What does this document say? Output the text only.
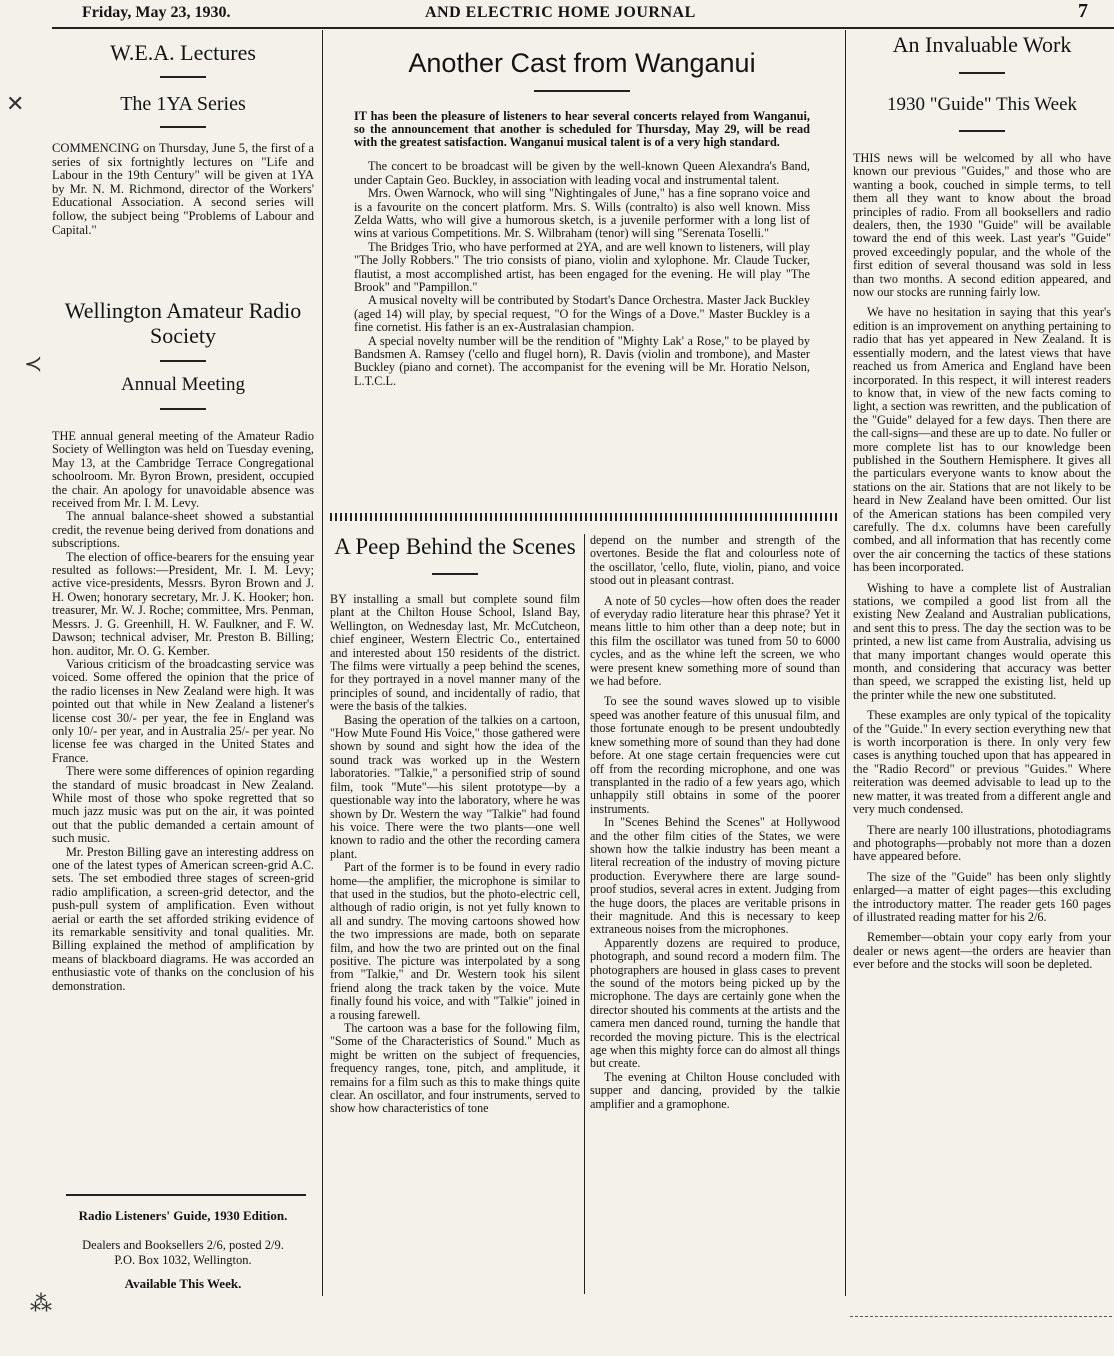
Friday, May 23, 1930.	AND ELECTRIC HOME JOURNAL	7
W.E.A. Lectures
The 1YA Series

COMMENCING on Thursday, June 5, the first of a series of six fortnightly lectures on "Life and Labour in the 19th Century" will be given at 1YA by Mr. N. M. Richmond, director of the Workers' Educational Association. A second series will follow, the subject being "Problems of Labour and Capital."

Wellington Amateur Radio Society
Annual Meeting

THE annual general meeting of the Amateur Radio Society of Wellington was held on Tuesday evening, May 13, at the Cambridge Terrace Congregational schoolroom. Mr. Byron Brown, president, occupied the chair. An apology for unavoidable absence was received from Mr. I. M. Levy.

The annual balance-sheet showed a substantial credit, the revenue being derived from donations and subscriptions.

The election of office-bearers for the ensuing year resulted as follows:—President, Mr. I. M. Levy; active vice-presidents, Messrs. Byron Brown and J. H. Owen; honorary secretary, Mr. J. K. Hooker; hon. treasurer, Mr. W. J. Roche; committee, Mrs. Penman, Messrs. J. G. Greenhill, H. W. Faulkner, and F. W. Dawson; technical adviser, Mr. Preston B. Billing; hon. auditor, Mr. O. G. Kember.

Various criticism of the broadcasting service was voiced. Some offered the opinion that the price of the radio licenses in New Zealand were high. It was pointed out that while in New Zealand a listener's license cost 30/- per year, the fee in England was only 10/- per year, and in Australia 25/- per year. No license fee was charged in the United States and France.

There were some differences of opinion regarding the standard of music broadcast in New Zealand. While most of those who spoke regretted that so much jazz music was put on the air, it was pointed out that the public demanded a certain amount of such music.

Mr. Preston Billing gave an interesting address on one of the latest types of American screen-grid A.C. sets. The set embodied three stages of screen-grid radio amplification, a screen-grid detector, and the push-pull system of amplification. Even without aerial or earth the set afforded striking evidence of its remarkable sensitivity and tonal qualities. Mr. Billing explained the method of amplification by means of blackboard diagrams. He was accorded an enthusiastic vote of thanks on the conclusion of his demonstration.

Radio Listeners' Guide, 1930 Edition.
Dealers and Booksellers 2/6, posted 2/9.
P.O. Box 1032, Wellington.
Available This Week.
Another Cast from Wanganui

IT has been the pleasure of listeners to hear several concerts relayed from Wanganui, so the announcement that another is scheduled for Thursday, May 29, will be read with the greatest satisfaction. Wanganui musical talent is of a very high standard.

The concert to be broadcast will be given by the well-known Queen Alexandra's Band, under Captain Geo. Buckley, in association with leading vocal and instrumental talent.

Mrs. Owen Warnock, who will sing "Nightingales of June," has a fine soprano voice and is a favourite on the concert platform. Mrs. S. Wills (contralto) is also well known. Miss Zelda Watts, who will give a humorous sketch, is a juvenile performer with a long list of wins at various Competitions. Mr. S. Wilbraham (tenor) will sing "Serenata Toselli."

The Bridges Trio, who have performed at 2YA, and are well known to listeners, will play "The Jolly Robbers." The trio consists of piano, violin and xylophone. Mr. Claude Tucker, flautist, a most accomplished artist, has been engaged for the evening. He will play "The Brook" and "Pampillon."

A musical novelty will be contributed by Stodart's Dance Orchestra. Master Jack Buckley (aged 14) will play, by special request, "O for the Wings of a Dove." Master Buckley is a fine cornetist. His father is an ex-Australasian champion.

A special novelty number will be the rendition of "Mighty Lak' a Rose," to be played by Bandsmen A. Ramsey ('cello and flugel horn), R. Davis (violin and trombone), and Master Buckley (piano and cornet). The accompanist for the evening will be Mr. Horatio Nelson, L.T.C.L.

A Peep Behind the Scenes

BY installing a small but complete sound film plant at the Chilton House School, Island Bay, Wellington, on Wednesday last, Mr. McCutcheon, chief engineer, Western Electric Co., entertained and interested about 150 residents of the district. The films were virtually a peep behind the scenes, for they portrayed in a novel manner many of the principles of sound, and incidentally of radio, that were the basis of the talkies.

Basing the operation of the talkies on a cartoon, "How Mute Found His Voice," those gathered were shown by sound and sight how the idea of the sound track was worked up in the Western laboratories. "Talkie," a personified strip of sound film, took "Mute"—his silent prototype—by a questionable way into the laboratory, where he was shown by Dr. Western the way "Talkie" had found his voice. There were the two plants—one well known to radio and the other the recording camera plant.

Part of the former is to be found in every radio home—the amplifier, the microphone is similar to that used in the studios, but the photo-electric cell, although of radio origin, is not yet fully known to all and sundry. The moving cartoons showed how the two impressions are made, both on separate film, and how the two are printed out on the final positive. The picture was interpolated by a song from "Talkie," and Dr. Western took his silent friend along the track taken by the voice. Mute finally found his voice, and with "Talkie" joined in a rousing farewell.

The cartoon was a base for the following film, "Some of the Characteristics of Sound." Much as might be written on the subject of frequencies, frequency ranges, tone, pitch, and amplitude, it remains for a film such as this to make things quite clear. An oscillator, and four instruments, served to show how characteristics of tone

depend on the number and strength of the overtones. Beside the flat and colourless note of the oscillator, 'cello, flute, violin, piano, and voice stood out in pleasant contrast.

A note of 50 cycles—how often does the reader of everyday radio literature hear this phrase? Yet it means little to him other than a deep note; but in this film the oscillator was tuned from 50 to 6000 cycles, and as the whine left the screen, we who were present knew something more of sound than we had before.

To see the sound waves slowed up to visible speed was another feature of this unusual film, and those fortunate enough to be present undoubtedly knew something more of sound than they had done before. At one stage certain frequencies were cut off from the recording microphone, and one was transplanted in the radio of a few years ago, which unhappily still obtains in some of the poorer instruments.

In "Scenes Behind the Scenes" at Hollywood and the other film cities of the States, we were shown how the talkie industry has been meant a literal recreation of the industry of moving picture production. Everywhere there are large sound-proof studios, several acres in extent. Judging from the huge doors, the places are veritable prisons in their magnitude. And this is necessary to keep extraneous noises from the microphones.

Apparently dozens are required to produce, photograph, and sound record a modern film. The photographers are housed in glass cases to prevent the sound of the motors being picked up by the microphone. The days are certainly gone when the director shouted his comments at the artists and the camera men danced round, turning the handle that recorded the moving picture. This is the electrical age when this mighty force can do almost all things but create.

The evening at Chilton House concluded with supper and dancing, provided by the talkie amplifier and a gramophone.

An Invaluable Work
1930 "Guide" This Week

THIS news will be welcomed by all who have known our previous "Guides," and those who are wanting a book, couched in simple terms, to tell them all they want to know about the broad principles of radio. From all booksellers and radio dealers, then, the 1930 "Guide" will be available toward the end of this week. Last year's "Guide" proved exceedingly popular, and the whole of the first edition of several thousand was sold in less than two months. A second edition appeared, and now our stocks are running fairly low.

We have no hesitation in saying that this year's edition is an improvement on anything pertaining to radio that has yet appeared in New Zealand. It is essentially modern, and the latest views that have reached us from America and England have been incorporated. In this respect, it will interest readers to know that, in view of the new facts coming to light, a section was rewritten, and the publication of the "Guide" delayed for a few days. Then there are the call-signs—and these are up to date. No fuller or more complete list has to our knowledge been published in the Southern Hemisphere. It gives all the particulars everyone wants to know about the stations on the air. Stations that are not likely to be heard in New Zealand have been omitted. Our list of the American stations has been compiled very carefully. The d.x. columns have been carefully combed, and all information that has recently come over the air concerning the tactics of these stations has been incorporated.

Wishing to have a complete list of Australian stations, we compiled a good list from all the existing New Zealand and Australian publications, and sent this to press. The day the section was to be printed, a new list came from Australia, advising us that many important changes would operate this month, and considering that accuracy was better than speed, we scrapped the existing list, held up the printer while the new one substituted.

These examples are only typical of the topicality of the "Guide." In every section everything new that is worth incorporation is there. In only very few cases is anything touched upon that has appeared in the "Radio Record" or previous "Guides." Where reiteration was deemed advisable to lead up to the new matter, it was treated from a different angle and very much condensed.

There are nearly 100 illustrations, photodiagrams and photographs—probably not more than a dozen have appeared before.

The size of the "Guide" has been only slightly enlarged—a matter of eight pages—this excluding the introductory matter. The reader gets 160 pages of illustrated reading matter for his 2/6.

Remember—obtain your copy early from your dealer or news agent—the orders are heavier than ever before and the stocks will soon be depleted.

✕
≺
⁂
